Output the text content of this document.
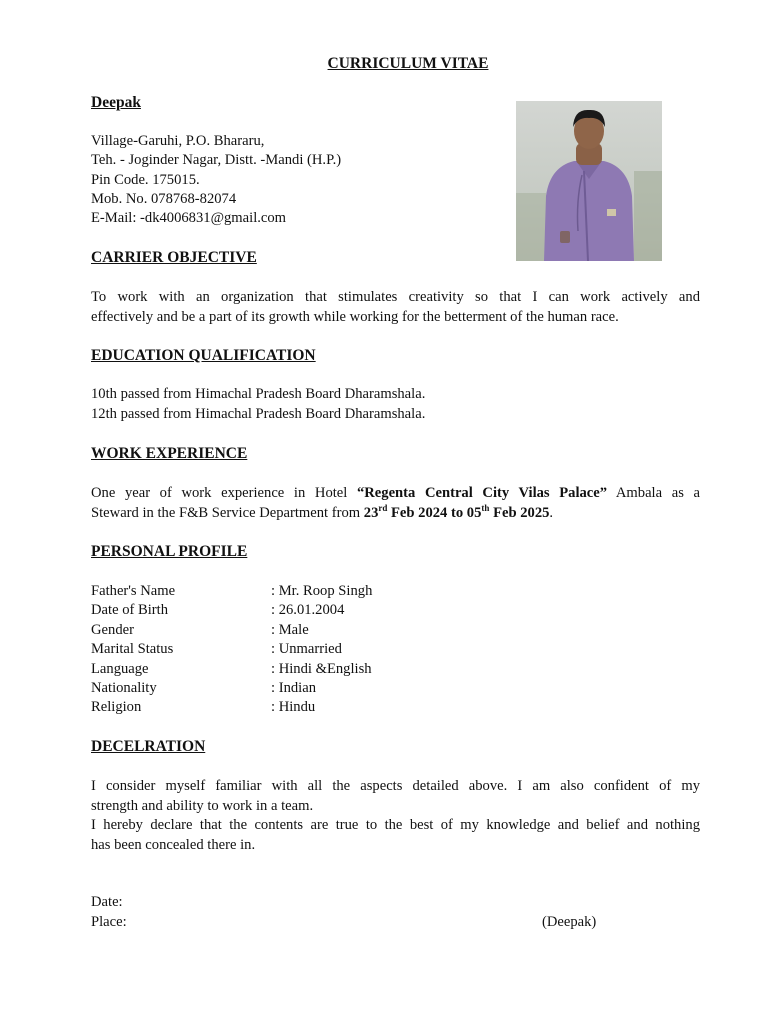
CURRICULUM VITAE
Deepak
Village-Garuhi, P.O. Bhararu,
Teh. - Joginder Nagar, Distt. -Mandi (H.P.)
Pin Code. 175015.
Mob. No. 078768-82074
E-Mail: -dk4006831@gmail.com
CARRIER OBJECTIVE
To work with an organization that stimulates creativity so that I can work actively and
effectively and be a part of its growth while working for the betterment of the human race.
EDUCATION QUALIFICATION
10th passed from Himachal Pradesh Board Dharamshala.
12th passed from Himachal Pradesh Board Dharamshala.
WORK EXPERIENCE
One year of work experience in Hotel “Regenta Central City Vilas Palace” Ambala as a
Steward in the F&B Service Department from 23rd Feb 2024 to 05th Feb 2025.
PERSONAL PROFILE
Father's Name	: Mr. Roop Singh
Date of Birth	: 26.01.2004
Gender	: Male
Marital Status	: Unmarried
Language	: Hindi &English
Nationality	: Indian
Religion	: Hindu
DECELRATION
I consider myself familiar with all the aspects detailed above. I am also confident of my
strength and ability to work in a team.
I hereby declare that the contents are true to the best of my knowledge and belief and nothing
has been concealed there in.
Date:
Place:	(Deepak)
